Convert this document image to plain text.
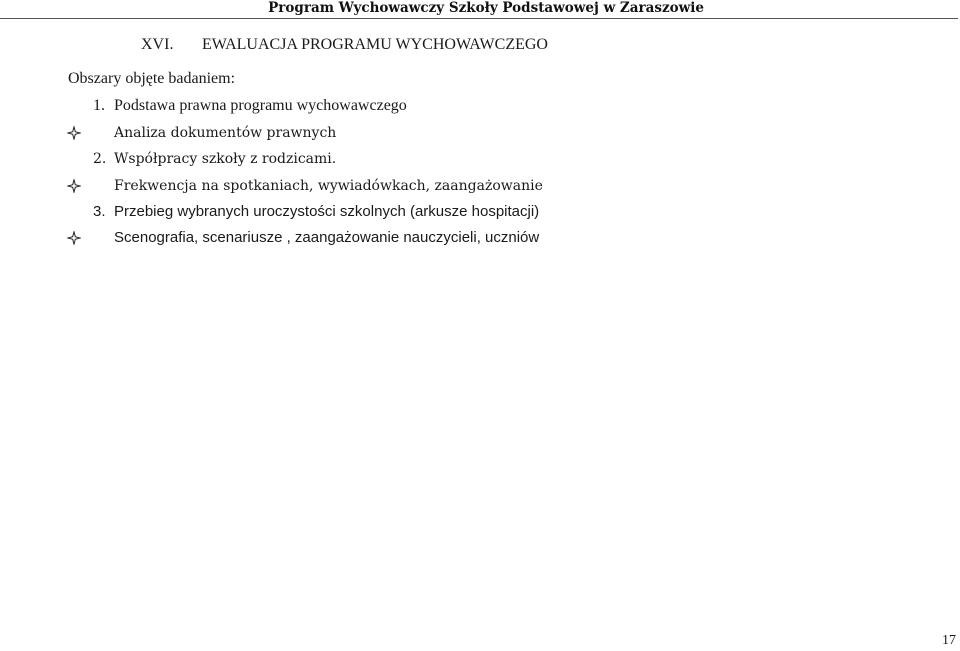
Program Wychowawczy Szkoły Podstawowej w Zaraszowie
XVI. EWALUACJA PROGRAMU WYCHOWAWCZEGO
Obszary objęte badaniem:
1. Podstawa prawna programu wychowawczego
Analiza dokumentów prawnych
2. Współpracy szkoły z rodzicami.
Frekwencja na spotkaniach, wywiadówkach, zaangażowanie
3. Przebieg wybranych uroczystości szkolnych (arkusze hospitacji)
Scenografia, scenariusze , zaangażowanie nauczycieli, uczniów
17
